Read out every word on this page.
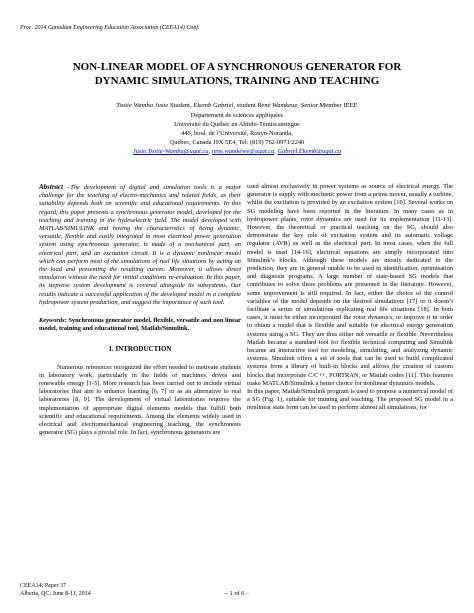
Proc. 2014 Canadian Engineering Education Association (CEEA14) Conf.

NON-LINEAR MODEL OF A SYNCHRONOUS GENERATOR FOR

DYNAMIC SIMULATIONS, TRAINING AND TEACHING

Tsotie Wamba Juste Student, Ekemb Gabriel, student René Wamkeue, Senior Member IEEE
Département de sciences appliquées
Université du Québec en Abitibi-Témiscamingue
445, boul. de l’Université, Rouyn-Noranda,
Québec, Canada J9X 5E4, Tel: (819) 762-0971/2240
Juste.Tsotie-Wamba@uqat.ca, rene.wamkewe@uqat.ca, Gabriel.Ekemb@uqat.ca

Abstract –The development of digital and simulation tools is a major challenge for the teaching of electro-mechanics and related fields, as their suitability depends both on scientific and educational requirements. In this regard, this paper presents a synchronous generator model, developed for the teaching and training in the hydroelectric field. The model developed with MATLAB/SIMULINK and having the characteristics of being dynamic, versatile, flexible and easily integrated in most electrical power generation system using synchronous generator, is made of a mechanical part, an electrical part, and an excitation circuit. It is a dynamic nonlinear model which can perform most of the simulations of real life situations by acting on the load and presenting the resulting curves. Moreover, it allows direct simulation without the need for initial conditions re-evaluation. In this paper, its stepwise system development is covered alongside its subsystems. Our results indicate a successful application of the developed model in a complete hydropower system production, and suggest the importance of such tool.

Keywords: Synchronous generator model, flexible, versatile and non linear model, training and educational tool, Matlab/Simulink.

1. INTRODUCTION

Numerous references recognized the effort needed to motivate students in laboratory work, particularly in the fields of machines, drives and renewable energy [1-5]. More research has been carried out to include virtual laboratories that aim to enhance learning [6, 7] or as an alternative to real laboratories [8, 9]. The development of virtual laboratories requires the implementation of appropriate digital elements models that fulfill both scientific and educational requirements. Among the elements widely used in electrical and electromechanical engineering teaching, the synchronous generator (SG) plays a pivotal role. In fact, synchronous generators are

used almost exclusively in power systems as source of electrical energy. The generator is supply with mechanic power from a prime mover, usually a turbine, whilst the excitation is provided by an excitation system [10]. Several works on SG modeling have been reported in the literature. In many cases as in hydropower plants, rotor dynamics are used for its implementation [11-13]. However, the theoretical or practical teaching on the SG, should also demonstrate the key role of excitation system and its automatic voltage regulator (AVR) as well as the electrical part. In most cases, when the full model is used [14-16], electrical equations are simply incorporated into Simulink’s blocks. Although these models are mostly dedicated to the prediction, they are in general unable to be used in identification, optimisation and diagnosis programs. A large number of state-based SG models that contributes to solve these problems are presented in the literature. However, some improvement is still required. In fact, either the choice of the control variables of the model depends on the desired simulations [17] or it doesn’t facilitate a series of simulations replicating real life situations [18]. In both cases, it must be either incorporated the rotor dynamics, or improve it in order to obtain a model that is flexible and suitable for electrical energy generation systems using a SG. They are thus either not versatile or flexible. Nevertheless Matlab became a standard tool for flexible technical computing and Simulink became an interactive tool for modeling, simulating, and analyzing dynamic systems. Simulink offers a set of tools that can be used to build complicated systems from a library of built-in blocks and allows the creation of custom blocks that incorporate C/C++, FORTRAN, or Matlab codes [11]. This features make MATLAB/Simulink a better choice for nonlinear dynamics models.

In this paper, Matlab/Simulink program is used to propose a numerical model of a SG (Fig. 1), suitable for training and teaching. The proposed SG model in a nonlinear state form can be used to perform almost all simulations, for

CEEA14; Paper 37
Alberta, QC; June 8-11, 2014	– 1 of 6 –
